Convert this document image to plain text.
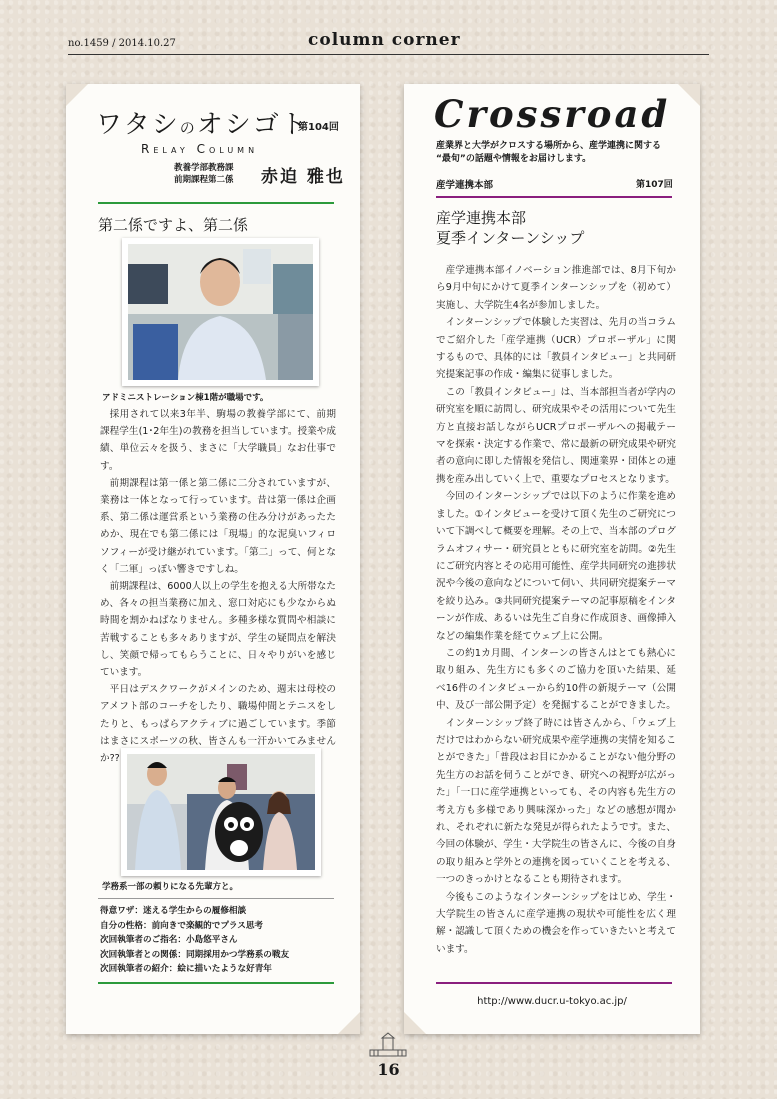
no.1459 / 2014.10.27	column corner
ワタシのオシゴト
第104回
Relay Column
教養学部教務課
前期課程第二係 赤迫 雅也
第二係ですよ、第二係
アドミニストレーション棟1階が職場です。

採用されて以来3年半、駒場の教養学部にて、前期課程学生(1･2年生)の教務を担当しています。授業や成績、単位云々を扱う、まさに「大学職員」なお仕事です。

前期課程は第一係と第二係に二分されていますが、業務は一体となって行っています。昔は第一係は企画系、第二係は運営系という業務の住み分けがあったためか、現在でも第二係には「現場」的な泥臭いフィロソフィーが受け継がれています。「第二」って、何となく「二軍」っぽい響きですしね。

前期課程は、6000人以上の学生を抱える大所帯なため、各々の担当業務に加え、窓口対応にも少なからぬ時間を割かねばなりません。多種多様な質問や相談に苦戦することも多々ありますが、学生の疑問点を解決し、笑顔で帰ってもらうことに、日々やりがいを感じています。

平日はデスクワークがメインのため、週末は母校のアメフト部のコーチをしたり、職場仲間とテニスをしたりと、もっぱらアクティブに過ごしています。季節はまさにスポーツの秋、皆さんも一汗かいてみませんか??

学務系一部の頼りになる先輩方と。
得意ワザ：迷える学生からの履修相談
自分の性格：前向きで楽観的でプラス思考
次回執筆者のご指名：小島悠平さん
次回執筆者との関係：同期採用かつ学務系の戦友
次回執筆者の紹介：絵に描いたような好青年
Crossroad
産業界と大学がクロスする場所から、産学連携に関する
“最旬”の話題や情報をお届けします。
産学連携本部	第107回
産学連携本部
夏季インターンシップ

産学連携本部イノベーション推進部では、8月下旬から9月中旬にかけて夏季インターンシップを（初めて）実施し、大学院生4名が参加しました。

インターンシップで体験した実習は、先月の当コラムでご紹介した「産学連携（UCR）プロポーザル」に関するもので、具体的には「教員インタビュー」と共同研究提案記事の作成・編集に従事しました。

この「教員インタビュー」は、当本部担当者が学内の研究室を順に訪問し、研究成果やその活用について先生方と直接お話しながらUCRプロポーザルへの掲載テーマを探索・決定する作業で、常に最新の研究成果や研究者の意向に即した情報を発信し、関連業界・団体との連携を産み出していく上で、重要なプロセスとなります。

今回のインターンシップでは以下のように作業を進めました。①インタビューを受けて頂く先生のご研究について下調べして概要を理解。その上で、当本部のプログラムオフィサー・研究員とともに研究室を訪問。②先生にご研究内容とその応用可能性、産学共同研究の進捗状況や今後の意向などについて伺い、共同研究提案テーマを絞り込み。③共同研究提案テーマの記事原稿をインターンが作成、あるいは先生ご自身に作成頂き、画像挿入などの編集作業を経てウェブ上に公開。

この約1カ月間、インターンの皆さんはとても熱心に取り組み、先生方にも多くのご協力を頂いた結果、延べ16件のインタビューから約10件の新規テーマ（公開中、及び一部公開予定）を発掘することができました。

インターンシップ終了時には皆さんから、「ウェブ上だけではわからない研究成果や産学連携の実情を知ることができた」「普段はお目にかかることがない他分野の先生方のお話を伺うことができ、研究への視野が広がった」「一口に産学連携といっても、その内容も先生方の考え方も多様であり興味深かった」などの感想が聞かれ、それぞれに新たな発見が得られたようです。また、今回の体験が、学生・大学院生の皆さんに、今後の自身の取り組みと学外との連携を図っていくことを考える、一つのきっかけとなることも期待されます。

今後もこのようなインターンシップをはじめ、学生・大学院生の皆さんに産学連携の現状や可能性を広く理解・認識して頂くための機会を作っていきたいと考えています。

http://www.ducr.u-tokyo.ac.jp/
16
